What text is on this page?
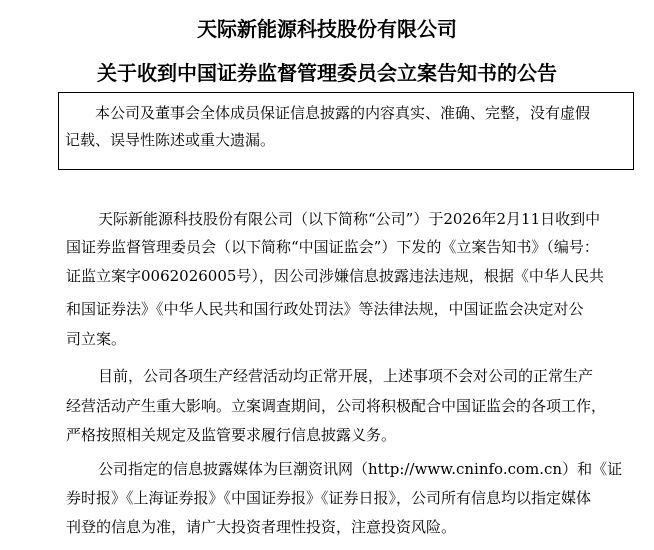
天际新能源科技股份有限公司
关于收到中国证券监督管理委员会立案告知书的公告
本公司及董事会全体成员保证信息披露的内容真实、准确、完整，没有虚假
记载、误导性陈述或重大遗漏。
天际新能源科技股份有限公司（以下简称“公司”）于2026年2月11日收到中
国证券监督管理委员会（以下简称“中国证监会”）下发的《立案告知书》（编号：
证监立案字0062026005号），因公司涉嫌信息披露违法违规，根据《中华人民共
和国证券法》《中华人民共和国行政处罚法》等法律法规，中国证监会决定对公
司立案。
目前，公司各项生产经营活动均正常开展，上述事项不会对公司的正常生产
经营活动产生重大影响。立案调查期间，公司将积极配合中国证监会的各项工作，
严格按照相关规定及监管要求履行信息披露义务。
公司指定的信息披露媒体为巨潮资讯网（http://www.cninfo.com.cn）和《证
券时报》《上海证券报》《中国证券报》《证券日报》，公司所有信息均以指定媒体
刊登的信息为准，请广大投资者理性投资，注意投资风险。
